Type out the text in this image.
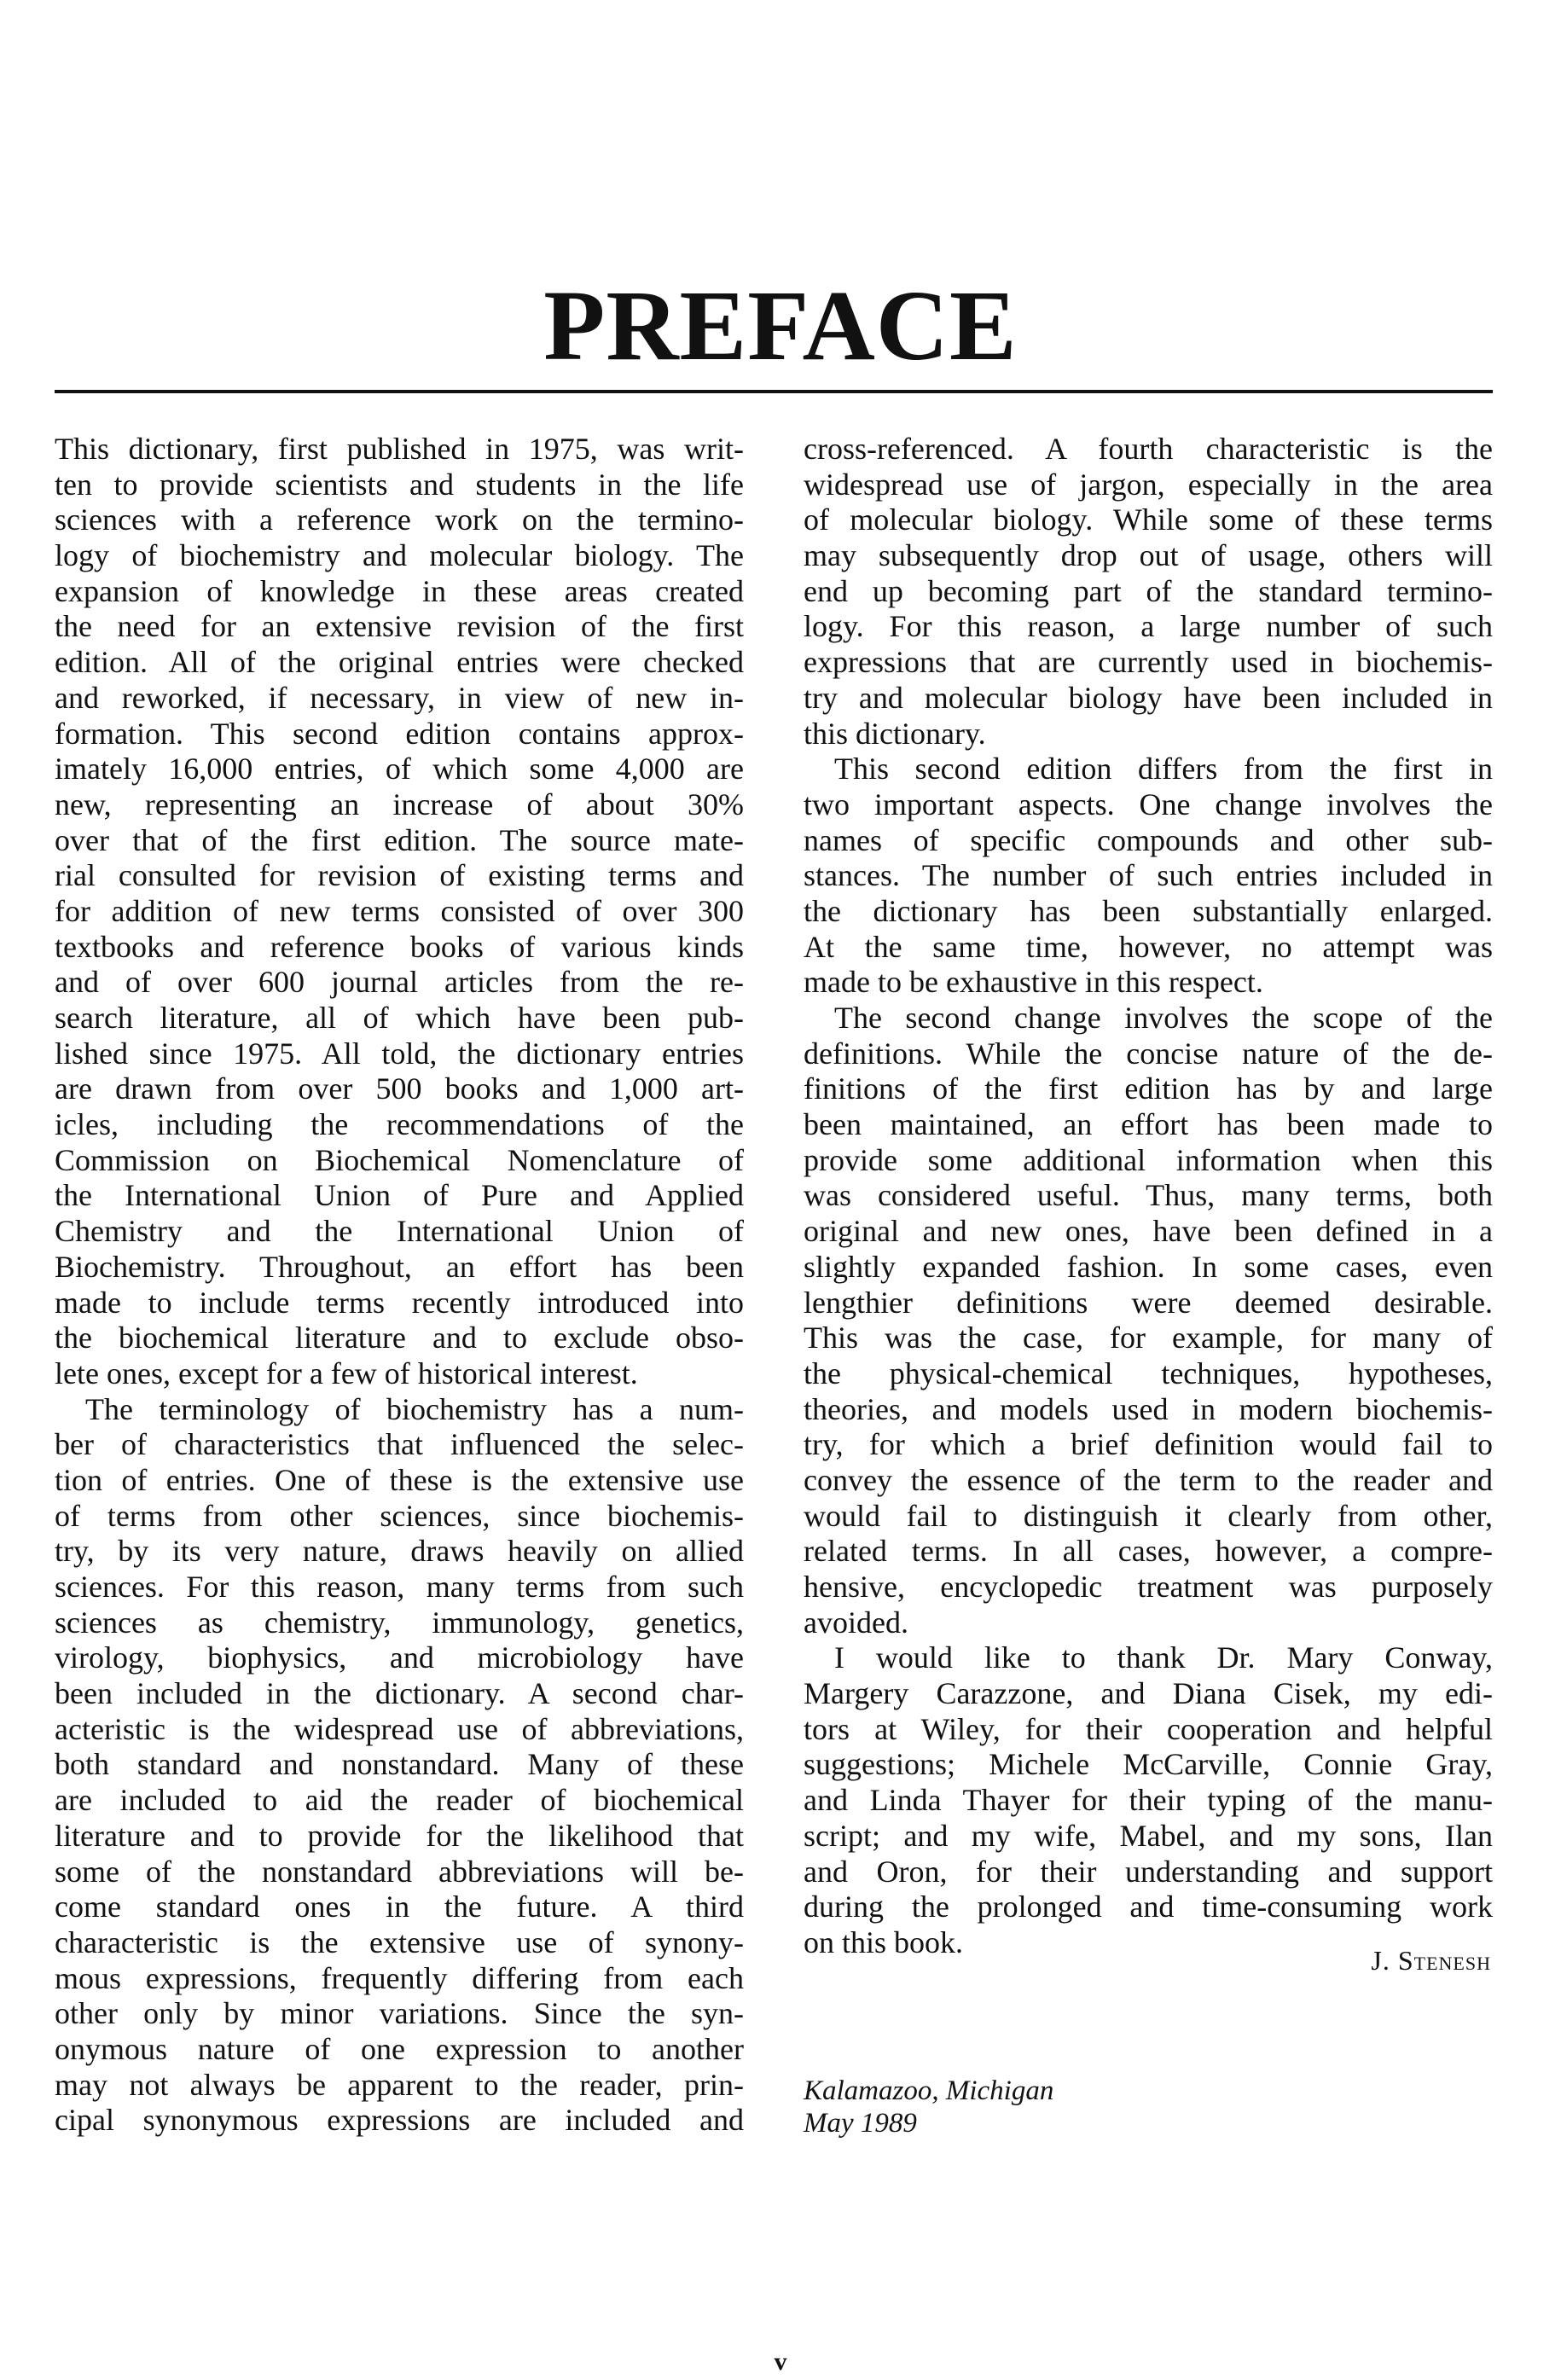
PREFACE
This dictionary, first published in 1975, was writ-
ten to provide scientists and students in the life
sciences with a reference work on the termino-
logy of biochemistry and molecular biology. The
expansion of knowledge in these areas created
the need for an extensive revision of the first
edition. All of the original entries were checked
and reworked, if necessary, in view of new in-
formation. This second edition contains approx-
imately 16,000 entries, of which some 4,000 are
new, representing an increase of about 30%
over that of the first edition. The source mate-
rial consulted for revision of existing terms and
for addition of new terms consisted of over 300
textbooks and reference books of various kinds
and of over 600 journal articles from the re-
search literature, all of which have been pub-
lished since 1975. All told, the dictionary entries
are drawn from over 500 books and 1,000 art-
icles, including the recommendations of the
Commission on Biochemical Nomenclature of
the International Union of Pure and Applied
Chemistry and the International Union of
Biochemistry. Throughout, an effort has been
made to include terms recently introduced into
the biochemical literature and to exclude obso-
lete ones, except for a few of historical interest.
The terminology of biochemistry has a num-
ber of characteristics that influenced the selec-
tion of entries. One of these is the extensive use
of terms from other sciences, since biochemis-
try, by its very nature, draws heavily on allied
sciences. For this reason, many terms from such
sciences as chemistry, immunology, genetics,
virology, biophysics, and microbiology have
been included in the dictionary. A second char-
acteristic is the widespread use of abbreviations,
both standard and nonstandard. Many of these
are included to aid the reader of biochemical
literature and to provide for the likelihood that
some of the nonstandard abbreviations will be-
come standard ones in the future. A third
characteristic is the extensive use of synony-
mous expressions, frequently differing from each
other only by minor variations. Since the syn-
onymous nature of one expression to another
may not always be apparent to the reader, prin-
cipal synonymous expressions are included and
cross-referenced. A fourth characteristic is the
widespread use of jargon, especially in the area
of molecular biology. While some of these terms
may subsequently drop out of usage, others will
end up becoming part of the standard termino-
logy. For this reason, a large number of such
expressions that are currently used in biochemis-
try and molecular biology have been included in
this dictionary.
This second edition differs from the first in
two important aspects. One change involves the
names of specific compounds and other sub-
stances. The number of such entries included in
the dictionary has been substantially enlarged.
At the same time, however, no attempt was
made to be exhaustive in this respect.
The second change involves the scope of the
definitions. While the concise nature of the de-
finitions of the first edition has by and large
been maintained, an effort has been made to
provide some additional information when this
was considered useful. Thus, many terms, both
original and new ones, have been defined in a
slightly expanded fashion. In some cases, even
lengthier definitions were deemed desirable.
This was the case, for example, for many of
the physical-chemical techniques, hypotheses,
theories, and models used in modern biochemis-
try, for which a brief definition would fail to
convey the essence of the term to the reader and
would fail to distinguish it clearly from other,
related terms. In all cases, however, a compre-
hensive, encyclopedic treatment was purposely
avoided.
I would like to thank Dr. Mary Conway,
Margery Carazzone, and Diana Cisek, my edi-
tors at Wiley, for their cooperation and helpful
suggestions; Michele McCarville, Connie Gray,
and Linda Thayer for their typing of the manu-
script; and my wife, Mabel, and my sons, Ilan
and Oron, for their understanding and support
during the prolonged and time-consuming work
on this book.
J. Stenesh
Kalamazoo, Michigan
May 1989
v
